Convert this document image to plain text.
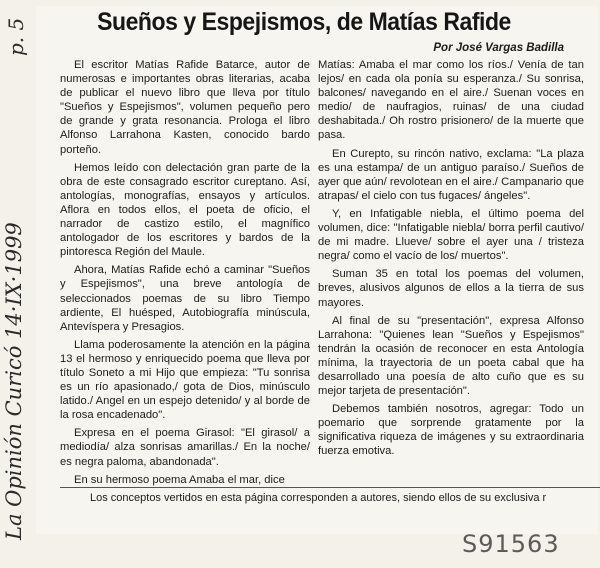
Sueños y Espejismos, de Matías Rafide
Por José Vargas Badilla

El escritor Matías Rafide Batarce, autor de numerosas e importantes obras literarias, acaba de publicar el nuevo libro que lleva por título "Sueños y Espejismos", volumen pequeño pero de grande y grata resonancia. Prologa el libro Alfonso Larrahona Kasten, conocido bardo porteño.

Hemos leído con delectación gran parte de la obra de este consagrado escritor cureptano. Así, antologías, monografías, ensayos y artículos. Aflora en todos ellos, el poeta de oficio, el narrador de castizo estilo, el magnífico antologador de los escritores y bardos de la pintoresca Región del Maule.

Ahora, Matías Rafide echó a caminar "Sueños y Espejismos", una breve antología de seleccionados poemas de su libro Tiempo ardiente, El huésped, Autobiografía minúscula, Antevíspera y Presagios.

Llama poderosamente la atención en la página 13 el hermoso y enriquecido poema que lleva por título Soneto a mi Hijo que empieza: "Tu sonrisa es un río apasionado,/ gota de Dios, minúsculo latido./ Angel en un espejo detenido/ y al borde de la rosa encadenado".

Expresa en el poema Girasol: "El girasol/ a mediodía/ alza sonrisas amarillas./ En la noche/ es negra paloma, abandonada".

En su hermoso poema Amaba el mar, dice

Matías: Amaba el mar como los ríos./ Venía de tan lejos/ en cada ola ponía su esperanza./ Su sonrisa, balcones/ navegando en el aire./ Suenan voces en medio/ de naufragios, ruinas/ de una ciudad deshabitada./ Oh rostro prisionero/ de la muerte que pasa.

En Curepto, su rincón nativo, exclama: "La plaza es una estampa/ de un antiguo paraíso./ Sueños de ayer que aún/ revolotean en el aire./ Campanario que atrapas/ el cielo con tus fugaces/ ángeles".

Y, en Infatigable niebla, el último poema del volumen, dice: "Infatigable niebla/ borra perfil cautivo/ de mi madre. Llueve/ sobre el ayer una / tristeza negra/ como el vacío de los/ muertos".

Suman 35 en total los poemas del volumen, breves, alusivos algunos de ellos a la tierra de sus mayores.

Al final de su "presentación", expresa Alfonso Larrahona: "Quienes lean "Sueños y Espejismos" tendrán la ocasión de reconocer en esta Antología mínima, la trayectoria de un poeta cabal que ha desarrollado una poesía de alto cuño que es su mejor tarjeta de presentación".

Debemos también nosotros, agregar: Todo un poemario que sorprende gratamente por la significativa riqueza de imágenes y su extraordinaria fuerza emotiva.

Los conceptos vertidos en esta página corresponden a autores, siendo ellos de su exclusiva r
La Opinión Curicó 14·IX·1999
p. 5
S91563
